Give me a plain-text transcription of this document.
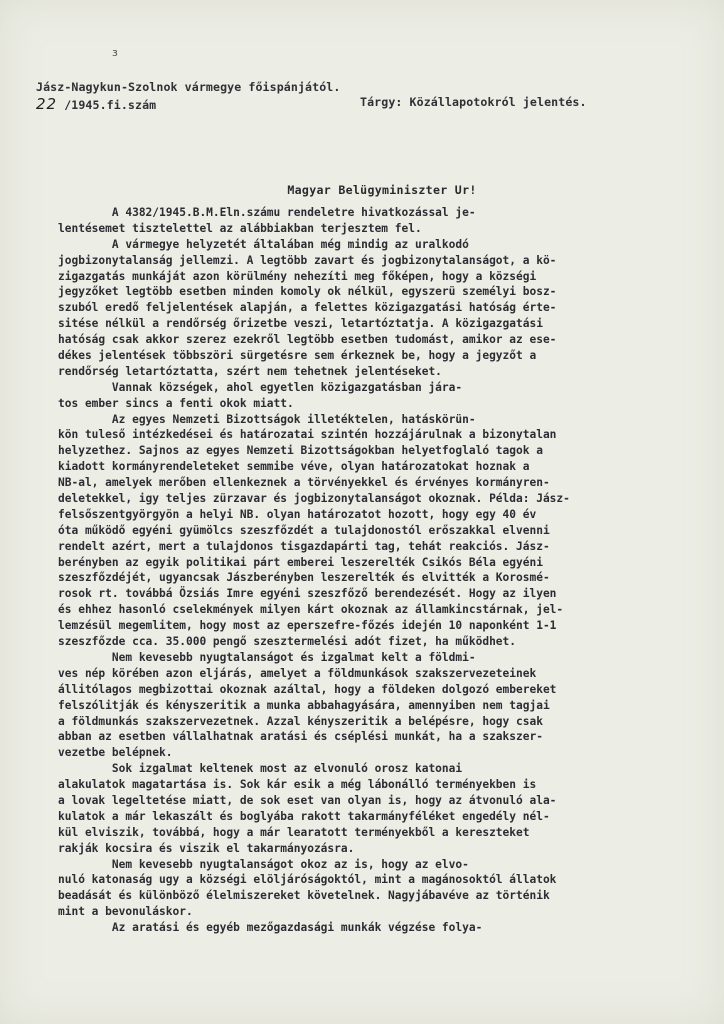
ɜ
Jász-Nagykun-Szolnok vármegye főispánjától.
22 /1945.fi.szám	Tárgy: Közállapotokról jelentés.
Magyar Belügyminiszter Ur!
A 4382/1945.B.M.Eln.számu rendeletre hivatkozással je-
lentésemet tisztelettel az alábbiakban terjesztem fel.
A vármegye helyzetét általában még mindig az uralkodó
jogbizonytalanság jellemzi. A legtöbb zavart és jogbizonytalanságot, a kö-
zigazgatás munkáját azon körülmény nehezíti meg főképen, hogy a községi
jegyzőket legtöbb esetben minden komoly ok nélkül, egyszerü személyi bosz-
szuból eredő feljelentések alapján, a felettes közigazgatási hatóság érte-
sitése nélkül a rendőrség őrizetbe veszi, letartóztatja. A közigazgatási
hatóság csak akkor szerez ezekről legtöbb esetben tudomást, amikor az ese-
dékes jelentések többszöri sürgetésre sem érkeznek be, hogy a jegyzőt a
rendőrség letartóztatta, szért nem tehetnek jelentéseket.
Vannak községek, ahol egyetlen közigazgatásban jára-
tos ember sincs a fenti okok miatt.
Az egyes Nemzeti Bizottságok illetéktelen, hatáskörün-
kön tuleső intézkedései és határozatai szintén hozzájárulnak a bizonytalan
helyzethez. Sajnos az egyes Nemzeti Bizottságokban helyetfoglaló tagok a
kiadott kormányrendeleteket semmibe véve, olyan határozatokat hoznak a
NB-al, amelyek merőben ellenkeznek a törvényekkel és érvényes kormányren-
deletekkel, igy teljes zürzavar és jogbizonytalanságot okoznak. Példa: Jász-
felsőszentgyörgyön a helyi NB. olyan határozatot hozott, hogy egy 40 év
óta működő egyéni gyümölcs szeszfőzdét a tulajdonostól erőszakkal elvenni
rendelt azért, mert a tulajdonos tisgazdapárti tag, tehát reakciós. Jász-
berényben az egyik politikai párt emberei leszerelték Csikós Béla egyéni
szeszfőzdéjét, ugyancsak Jászberényben leszerelték és elvitték a Korosmé-
rosok rt. továbbá Özsiás Imre egyéni szeszfőző berendezését. Hogy az ilyen
és ehhez hasonló cselekmények milyen kárt okoznak az államkincstárnak, jel-
lemzésül megemlitem, hogy most az eperszefre-főzés idején 10 naponként 1-1
szeszfőzde cca. 35.000 pengő szesztermelési adót fizet, ha működhet.
Nem kevesebb nyugtalanságot és izgalmat kelt a földmi-
ves nép körében azon eljárás, amelyet a földmunkások szakszervezeteinek
állitólagos megbizottai okoznak azáltal, hogy a földeken dolgozó embereket
felszólitják és kényszeritik a munka abbahagyására, amennyiben nem tagjai
a földmunkás szakszervezetnek. Azzal kényszeritik a belépésre, hogy csak
abban az esetben vállalhatnak aratási és cséplési munkát, ha a szakszer-
vezetbe belépnek.
Sok izgalmat keltenek most az elvonuló orosz katonai
alakulatok magatartása is. Sok kár esik a még lábonálló terményekben is
a lovak legeltetése miatt, de sok eset van olyan is, hogy az átvonuló ala-
kulatok a már lekaszált és boglyába rakott takarmányféléket engedély nél-
kül elviszik, továbbá, hogy a már learatott terményekből a kereszteket
rakják kocsira és viszik el takarmányozásra.
Nem kevesebb nyugtalanságot okoz az is, hogy az elvo-
nuló katonaság ugy a községi elöljáróságoktól, mint a magánosoktól állatok
beadását és különböző élelmiszereket követelnek. Nagyjábavéve az történik
mint a bevonuláskor.
Az aratási és egyéb mezőgazdasági munkák végzése folya-
